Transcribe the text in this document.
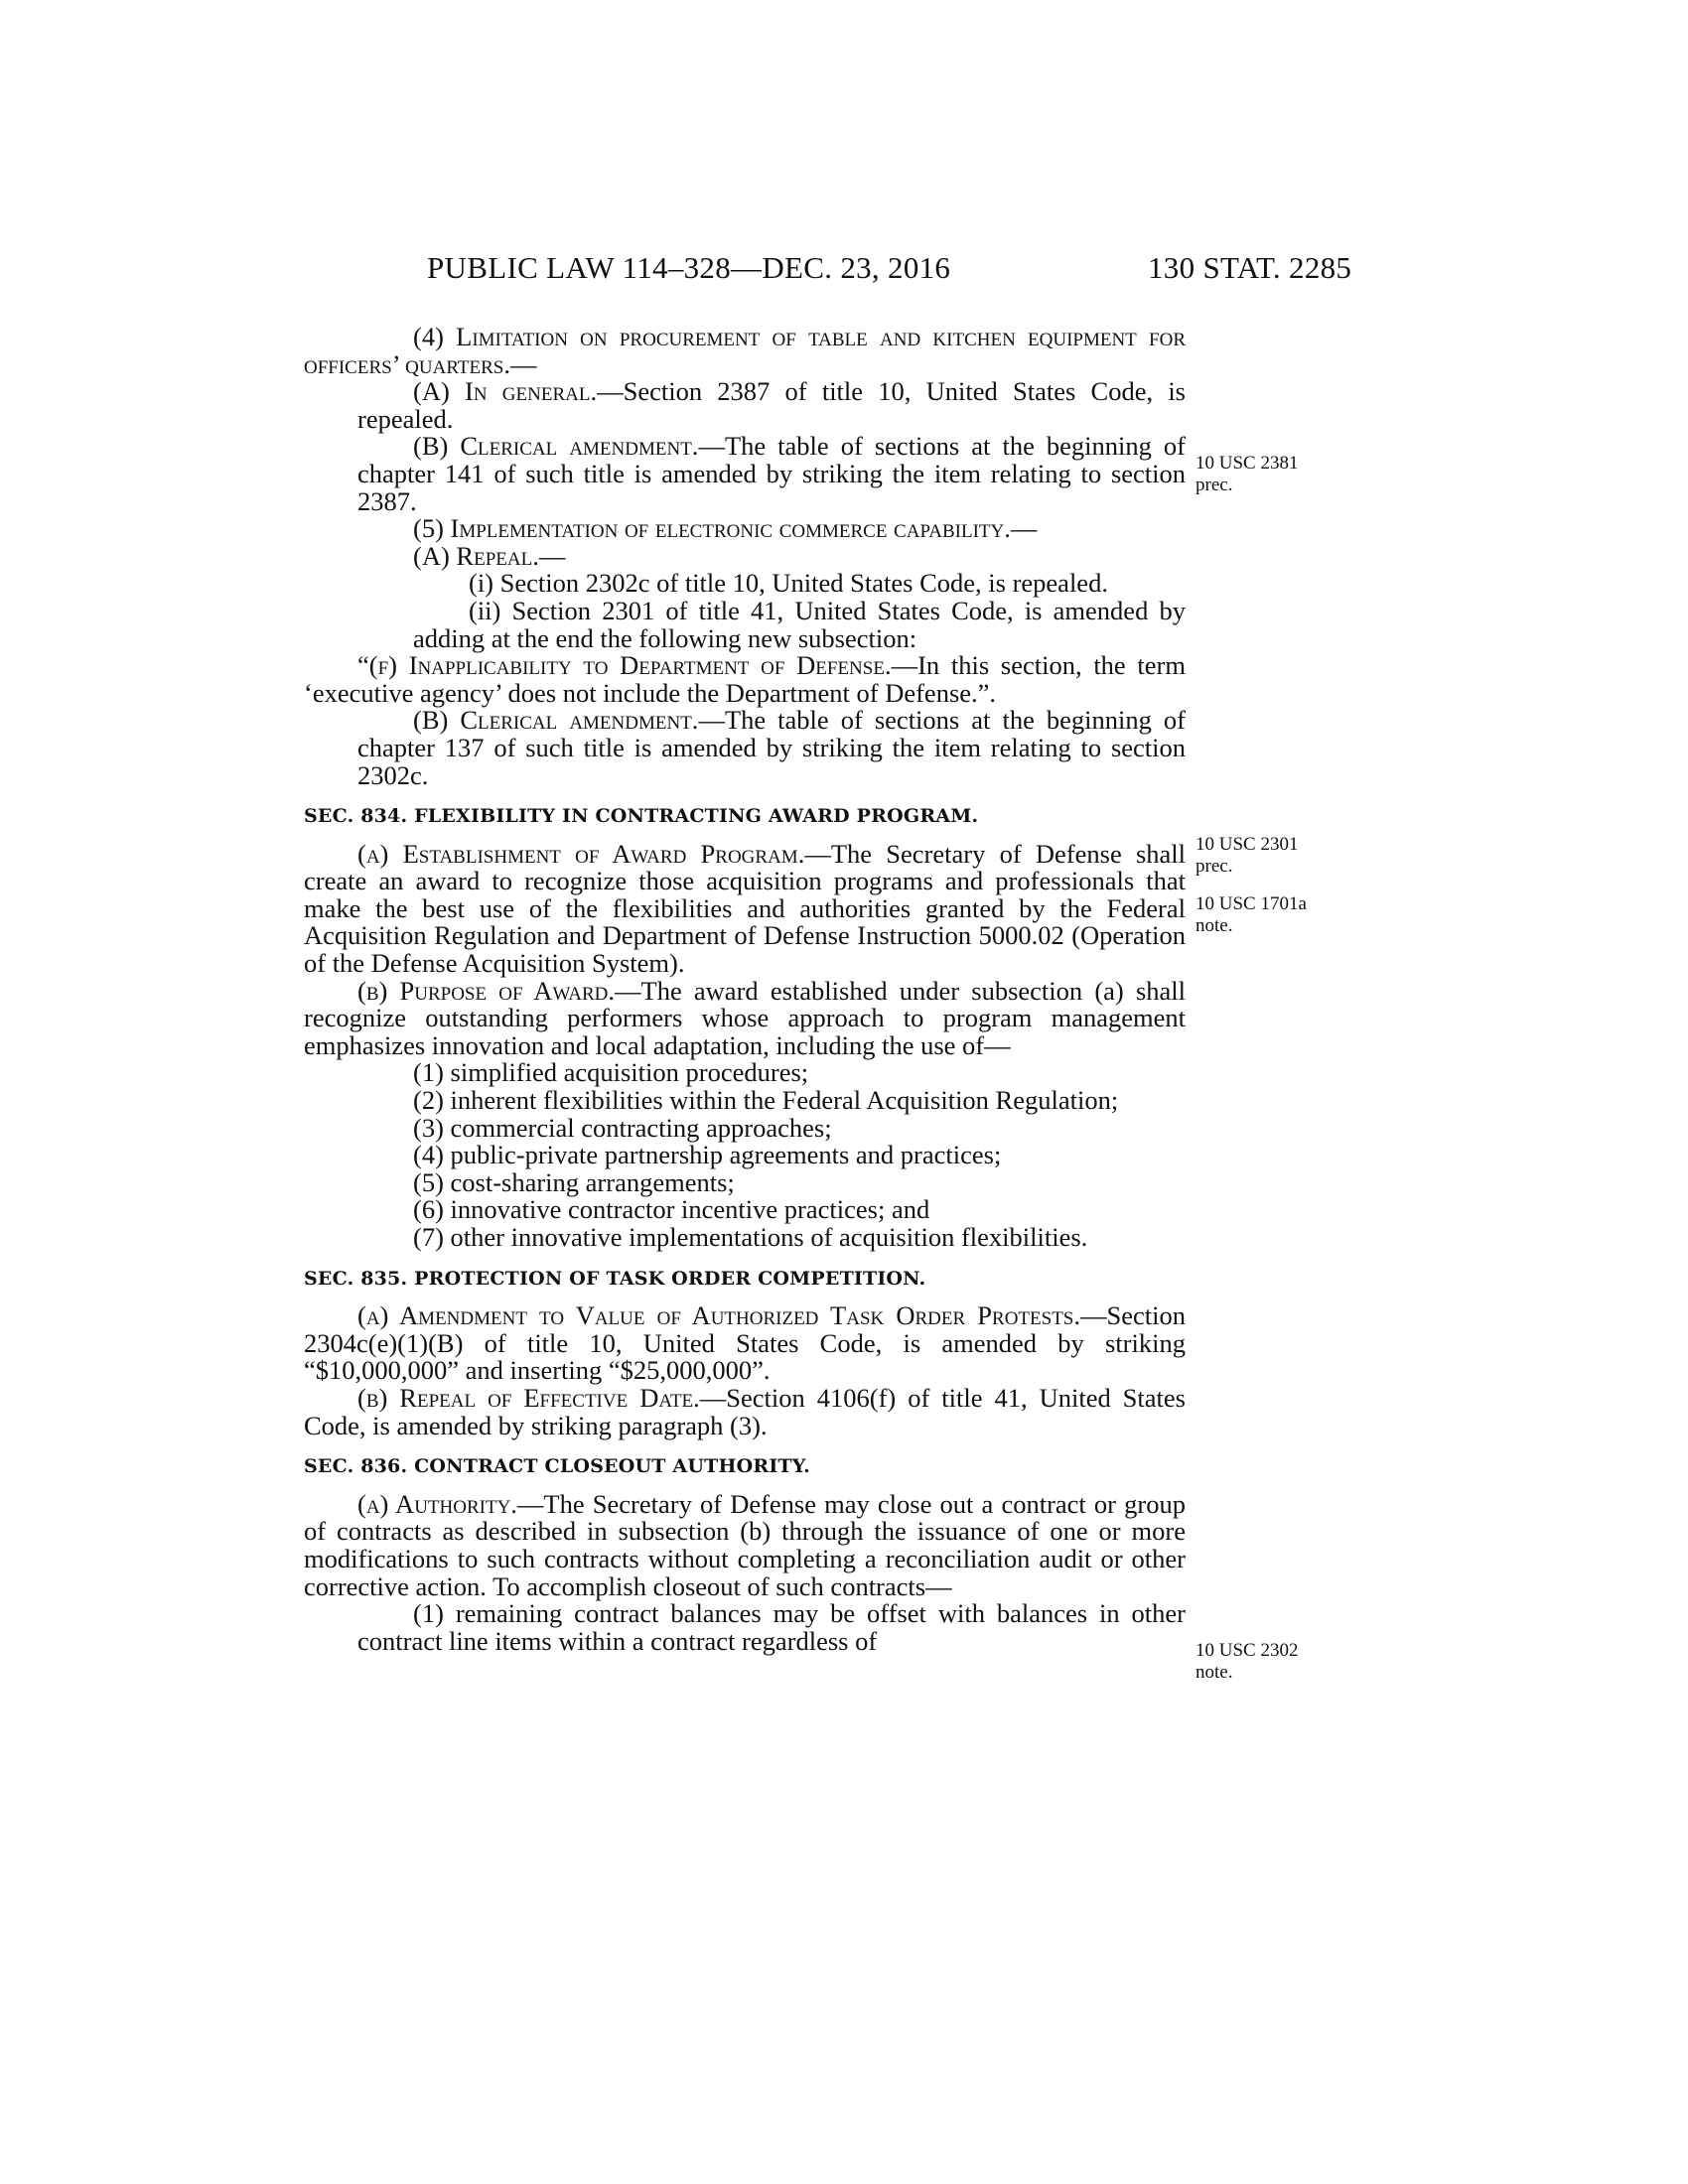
PUBLIC LAW 114–328—DEC. 23, 2016	130 STAT. 2285

(4) Limitation on procurement of table and kitchen equipment for officers’ quarters.—

(A) In general.—Section 2387 of title 10, United States Code, is repealed.

(B) Clerical amendment.—The table of sections at the beginning of chapter 141 of such title is amended by striking the item relating to section 2387.

(5) Implementation of electronic commerce capability.—

(A) Repeal.—

(i) Section 2302c of title 10, United States Code, is repealed.

(ii) Section 2301 of title 41, United States Code, is amended by adding at the end the following new subsection:

“(f) Inapplicability to Department of Defense.—In this section, the term ‘executive agency’ does not include the Department of Defense.”.

(B) Clerical amendment.—The table of sections at the beginning of chapter 137 of such title is amended by striking the item relating to section 2302c.

SEC. 834. FLEXIBILITY IN CONTRACTING AWARD PROGRAM.

(a) Establishment of Award Program.—The Secretary of Defense shall create an award to recognize those acquisition programs and professionals that make the best use of the flexibilities and authorities granted by the Federal Acquisition Regulation and Department of Defense Instruction 5000.02 (Operation of the Defense Acquisition System).

(b) Purpose of Award.—The award established under subsection (a) shall recognize outstanding performers whose approach to program management emphasizes innovation and local adaptation, including the use of—

(1) simplified acquisition procedures;

(2) inherent flexibilities within the Federal Acquisition Regulation;

(3) commercial contracting approaches;

(4) public-private partnership agreements and practices;

(5) cost-sharing arrangements;

(6) innovative contractor incentive practices; and

(7) other innovative implementations of acquisition flexibilities.

SEC. 835. PROTECTION OF TASK ORDER COMPETITION.

(a) Amendment to Value of Authorized Task Order Protests.—Section 2304c(e)(1)(B) of title 10, United States Code, is amended by striking “$10,000,000” and inserting “$25,000,000”.

(b) Repeal of Effective Date.—Section 4106(f) of title 41, United States Code, is amended by striking paragraph (3).

SEC. 836. CONTRACT CLOSEOUT AUTHORITY.

(a) Authority.—The Secretary of Defense may close out a contract or group of contracts as described in subsection (b) through the issuance of one or more modifications to such contracts without completing a reconciliation audit or other corrective action. To accomplish closeout of such contracts—

(1) remaining contract balances may be offset with balances in other contract line items within a contract regardless of

10 USC 2381
prec.
10 USC 2301
prec.
10 USC 1701a
note.
10 USC 2302
note.
